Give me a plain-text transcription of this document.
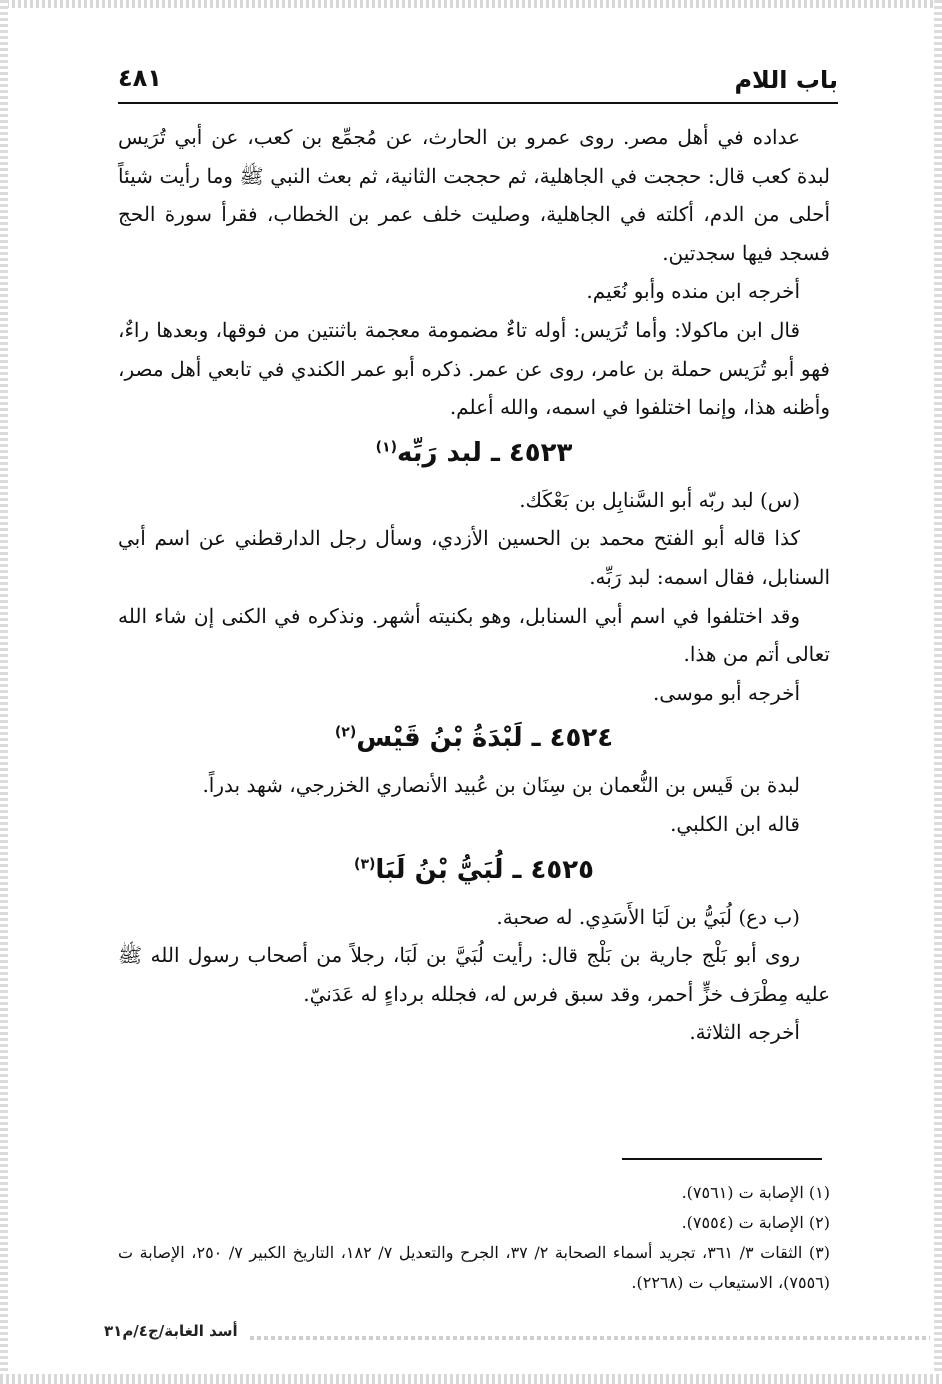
باب اللام
٤٨١

عداده في أهل مصر. روى عمرو بن الحارث، عن مُجمِّع بن كعب، عن أبي تُرَيس لبدة كعب قال: حججت في الجاهلية، ثم حججت الثانية، ثم بعث النبي ﷺ وما رأيت شيئاً أحلى من الدم، أكلته في الجاهلية، وصليت خلف عمر بن الخطاب، فقرأ سورة الحج فسجد فيها سجدتين.

أخرجه ابن منده وأبو نُعَيم.

قال ابن ماكولا: وأما تُرَيس: أوله تاءٌ مضمومة معجمة باثنتين من فوقها، وبعدها راءٌ، فهو أبو تُرَيس حملة بن عامر، روى عن عمر. ذكره أبو عمر الكندي في تابعي أهل مصر، وأظنه هذا، وإنما اختلفوا في اسمه، والله أعلم.

٤٥٢٣ ـ لبد رَبِّه$^{(١)}$

(س) لبد ربّه أبو السَّنابِل بن بَعْكَك.

كذا قاله أبو الفتح محمد بن الحسين الأزدي، وسأل رجل الدارقطني عن اسم أبي السنابل، فقال اسمه: لبد رَبِّه.

وقد اختلفوا في اسم أبي السنابل، وهو بكنيته أشهر. ونذكره في الكنى إن شاء الله تعالى أتم من هذا.

أخرجه أبو موسى.

٤٥٢٤ ـ لَبْدَةُ بْنُ قَيْس$^{(٢)}$

لبدة بن قَيس بن النُّعمان بن سِنَان بن عُبيد الأنصاري الخزرجي، شهد بدراً.

قاله ابن الكلبي.

٤٥٢٥ ـ لُبَيُّ بْنُ لَبَا$^{(٣)}$

(ب دع) لُبَيُّ بن لَبَا الأَسَدِي. له صحبة.

روى أبو بَلْج جارية بن بَلْج قال: رأيت لُبَيَّ بن لَبَا، رجلاً من أصحاب رسول الله ﷺ عليه مِطْرَف خزٍّ أحمر، وقد سبق فرس له، فجلله برداءٍ له عَدَنيّ.

أخرجه الثلاثة.

(١) الإصابة ت (٧٥٦١).

(٢) الإصابة ت (٧٥٥٤).

(٣) الثقات ٣/ ٣٦١، تجريد أسماء الصحابة ٢/ ٣٧، الجرح والتعديل ٧/ ١٨٢، التاريخ الكبير ٧/ ٢٥٠، الإصابة ت (٧٥٥٦)، الاستيعاب ت (٢٢٦٨).

أسد الغابة/ج٤/م٣١
